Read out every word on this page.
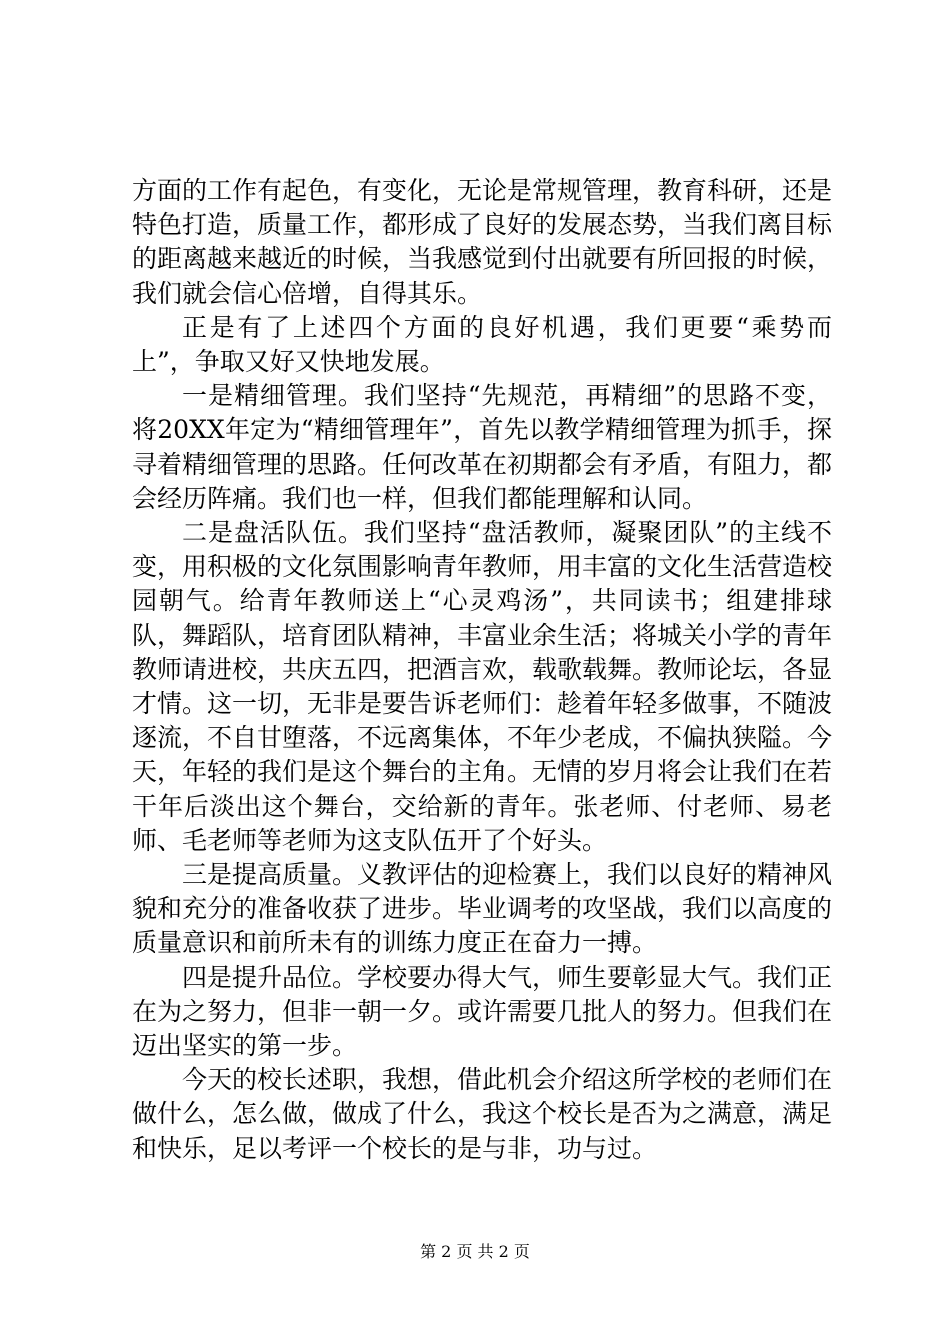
方面的工作有起色，有变化，无论是常规管理，教育科研，还是特色打造，质量工作，都形成了良好的发展态势，当我们离目标的距离越来越近的时候，当我感觉到付出就要有所回报的时候，我们就会信心倍增，自得其乐。

正是有了上述四个方面的良好机遇，我们更要“乘势而上”，争取又好又快地发展。

一是精细管理。我们坚持“先规范，再精细”的思路不变，将20XX年定为“精细管理年”，首先以教学精细管理为抓手，探寻着精细管理的思路。任何改革在初期都会有矛盾，有阻力，都会经历阵痛。我们也一样，但我们都能理解和认同。

二是盘活队伍。我们坚持“盘活教师，凝聚团队”的主线不变，用积极的文化氛围影响青年教师，用丰富的文化生活营造校园朝气。给青年教师送上“心灵鸡汤”，共同读书；组建排球队，舞蹈队，培育团队精神，丰富业余生活；将城关小学的青年教师请进校，共庆五四，把酒言欢，载歌载舞。教师论坛，各显才情。这一切，无非是要告诉老师们：趁着年轻多做事，不随波逐流，不自甘堕落，不远离集体，不年少老成，不偏执狭隘。今天，年轻的我们是这个舞台的主角。无情的岁月将会让我们在若干年后淡出这个舞台，交给新的青年。张老师、付老师、易老师、毛老师等老师为这支队伍开了个好头。

三是提高质量。义教评估的迎检赛上，我们以良好的精神风貌和充分的准备收获了进步。毕业调考的攻坚战，我们以高度的质量意识和前所未有的训练力度正在奋力一搏。

四是提升品位。学校要办得大气，师生要彰显大气。我们正在为之努力，但非一朝一夕。或许需要几批人的努力。但我们在迈出坚实的第一步。

今天的校长述职，我想，借此机会介绍这所学校的老师们在做什么，怎么做，做成了什么，我这个校长是否为之满意，满足和快乐，足以考评一个校长的是与非，功与过。

第 2 页 共 2 页
